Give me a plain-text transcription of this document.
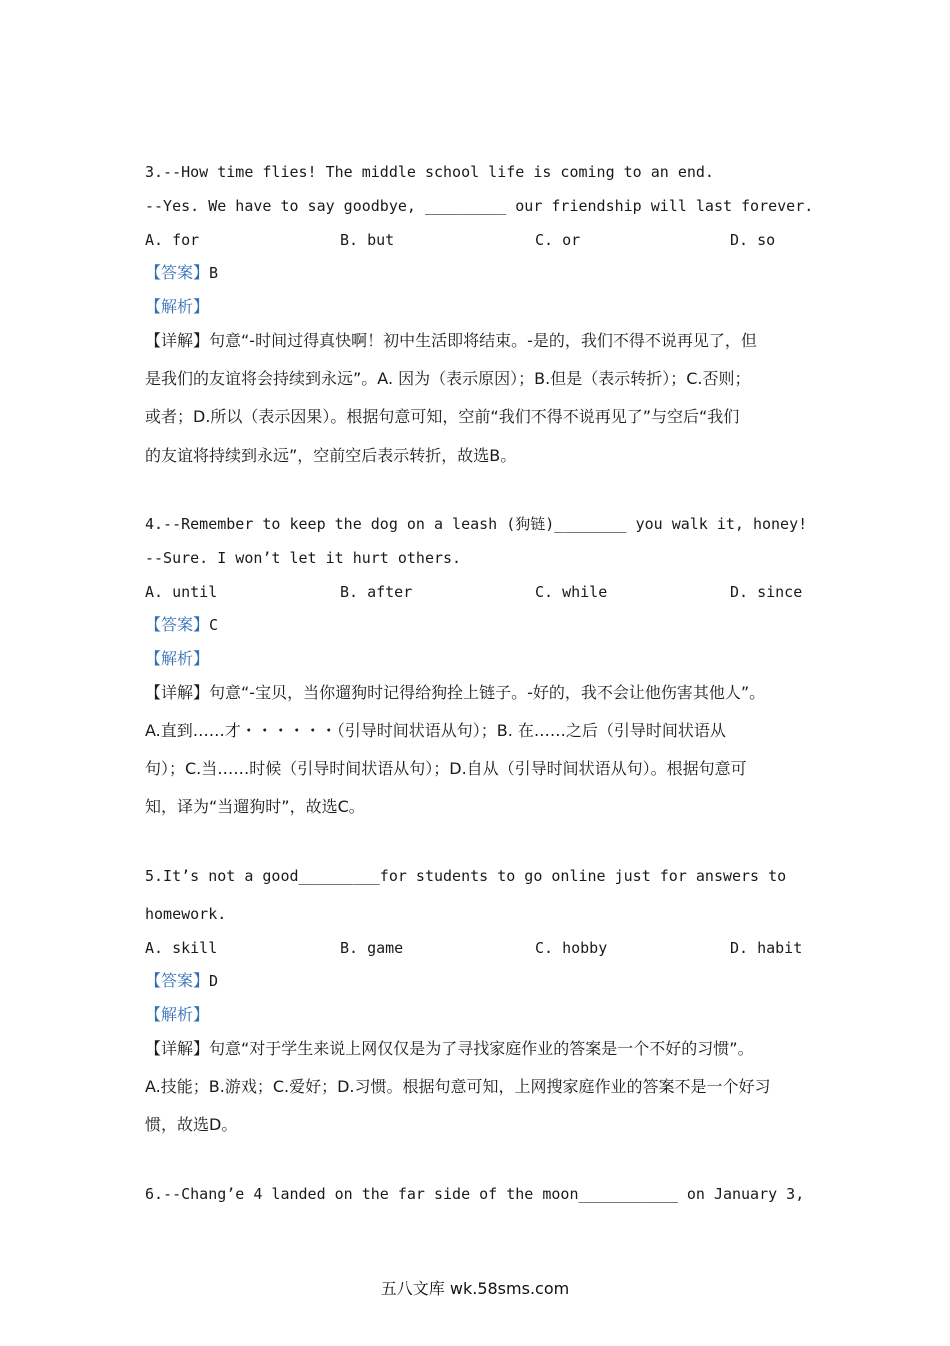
3.--How time flies! The middle school life is coming to an end.
--Yes. We have to say goodbye, _________ our friendship will last forever.
A. for	B. but	C. or	D. so
【答案】B
【解析】
【详解】句意“-时间过得真快啊！初中生活即将结束。-是的，我们不得不说再见了，但
是我们的友谊将会持续到永远”。A. 因为（表示原因）；B.但是（表示转折）；C.否则；
或者；D.所以（表示因果）。根据句意可知，空前“我们不得不说再见了”与空后“我们
的友谊将持续到永远”，空前空后表示转折，故选B。
4.--Remember to keep the dog on a leash (狗链)________ you walk it, honey!
--Sure. I won’t let it hurt others.
A. until	B. after	C. while	D. since
【答案】C
【解析】
【详解】句意“-宝贝，当你遛狗时记得给狗拴上链子。-好的，我不会让他伤害其他人”。
A.直到……才・・・・・・（引导时间状语从句）；B. 在……之后（引导时间状语从
句）；C.当……时候（引导时间状语从句）；D.自从（引导时间状语从句）。根据句意可
知，译为“当遛狗时”，故选C。
5.It’s not a good_________for students to go online just for answers to
homework.
A. skill	B. game	C. hobby	D. habit
【答案】D
【解析】
【详解】句意“对于学生来说上网仅仅是为了寻找家庭作业的答案是一个不好的习惯”。
A.技能；B.游戏；C.爱好；D.习惯。根据句意可知，上网搜家庭作业的答案不是一个好习
惯，故选D。
6.--Chang’e 4 landed on the far side of the moon___________ on January 3,
五八文库 wk.58sms.com
